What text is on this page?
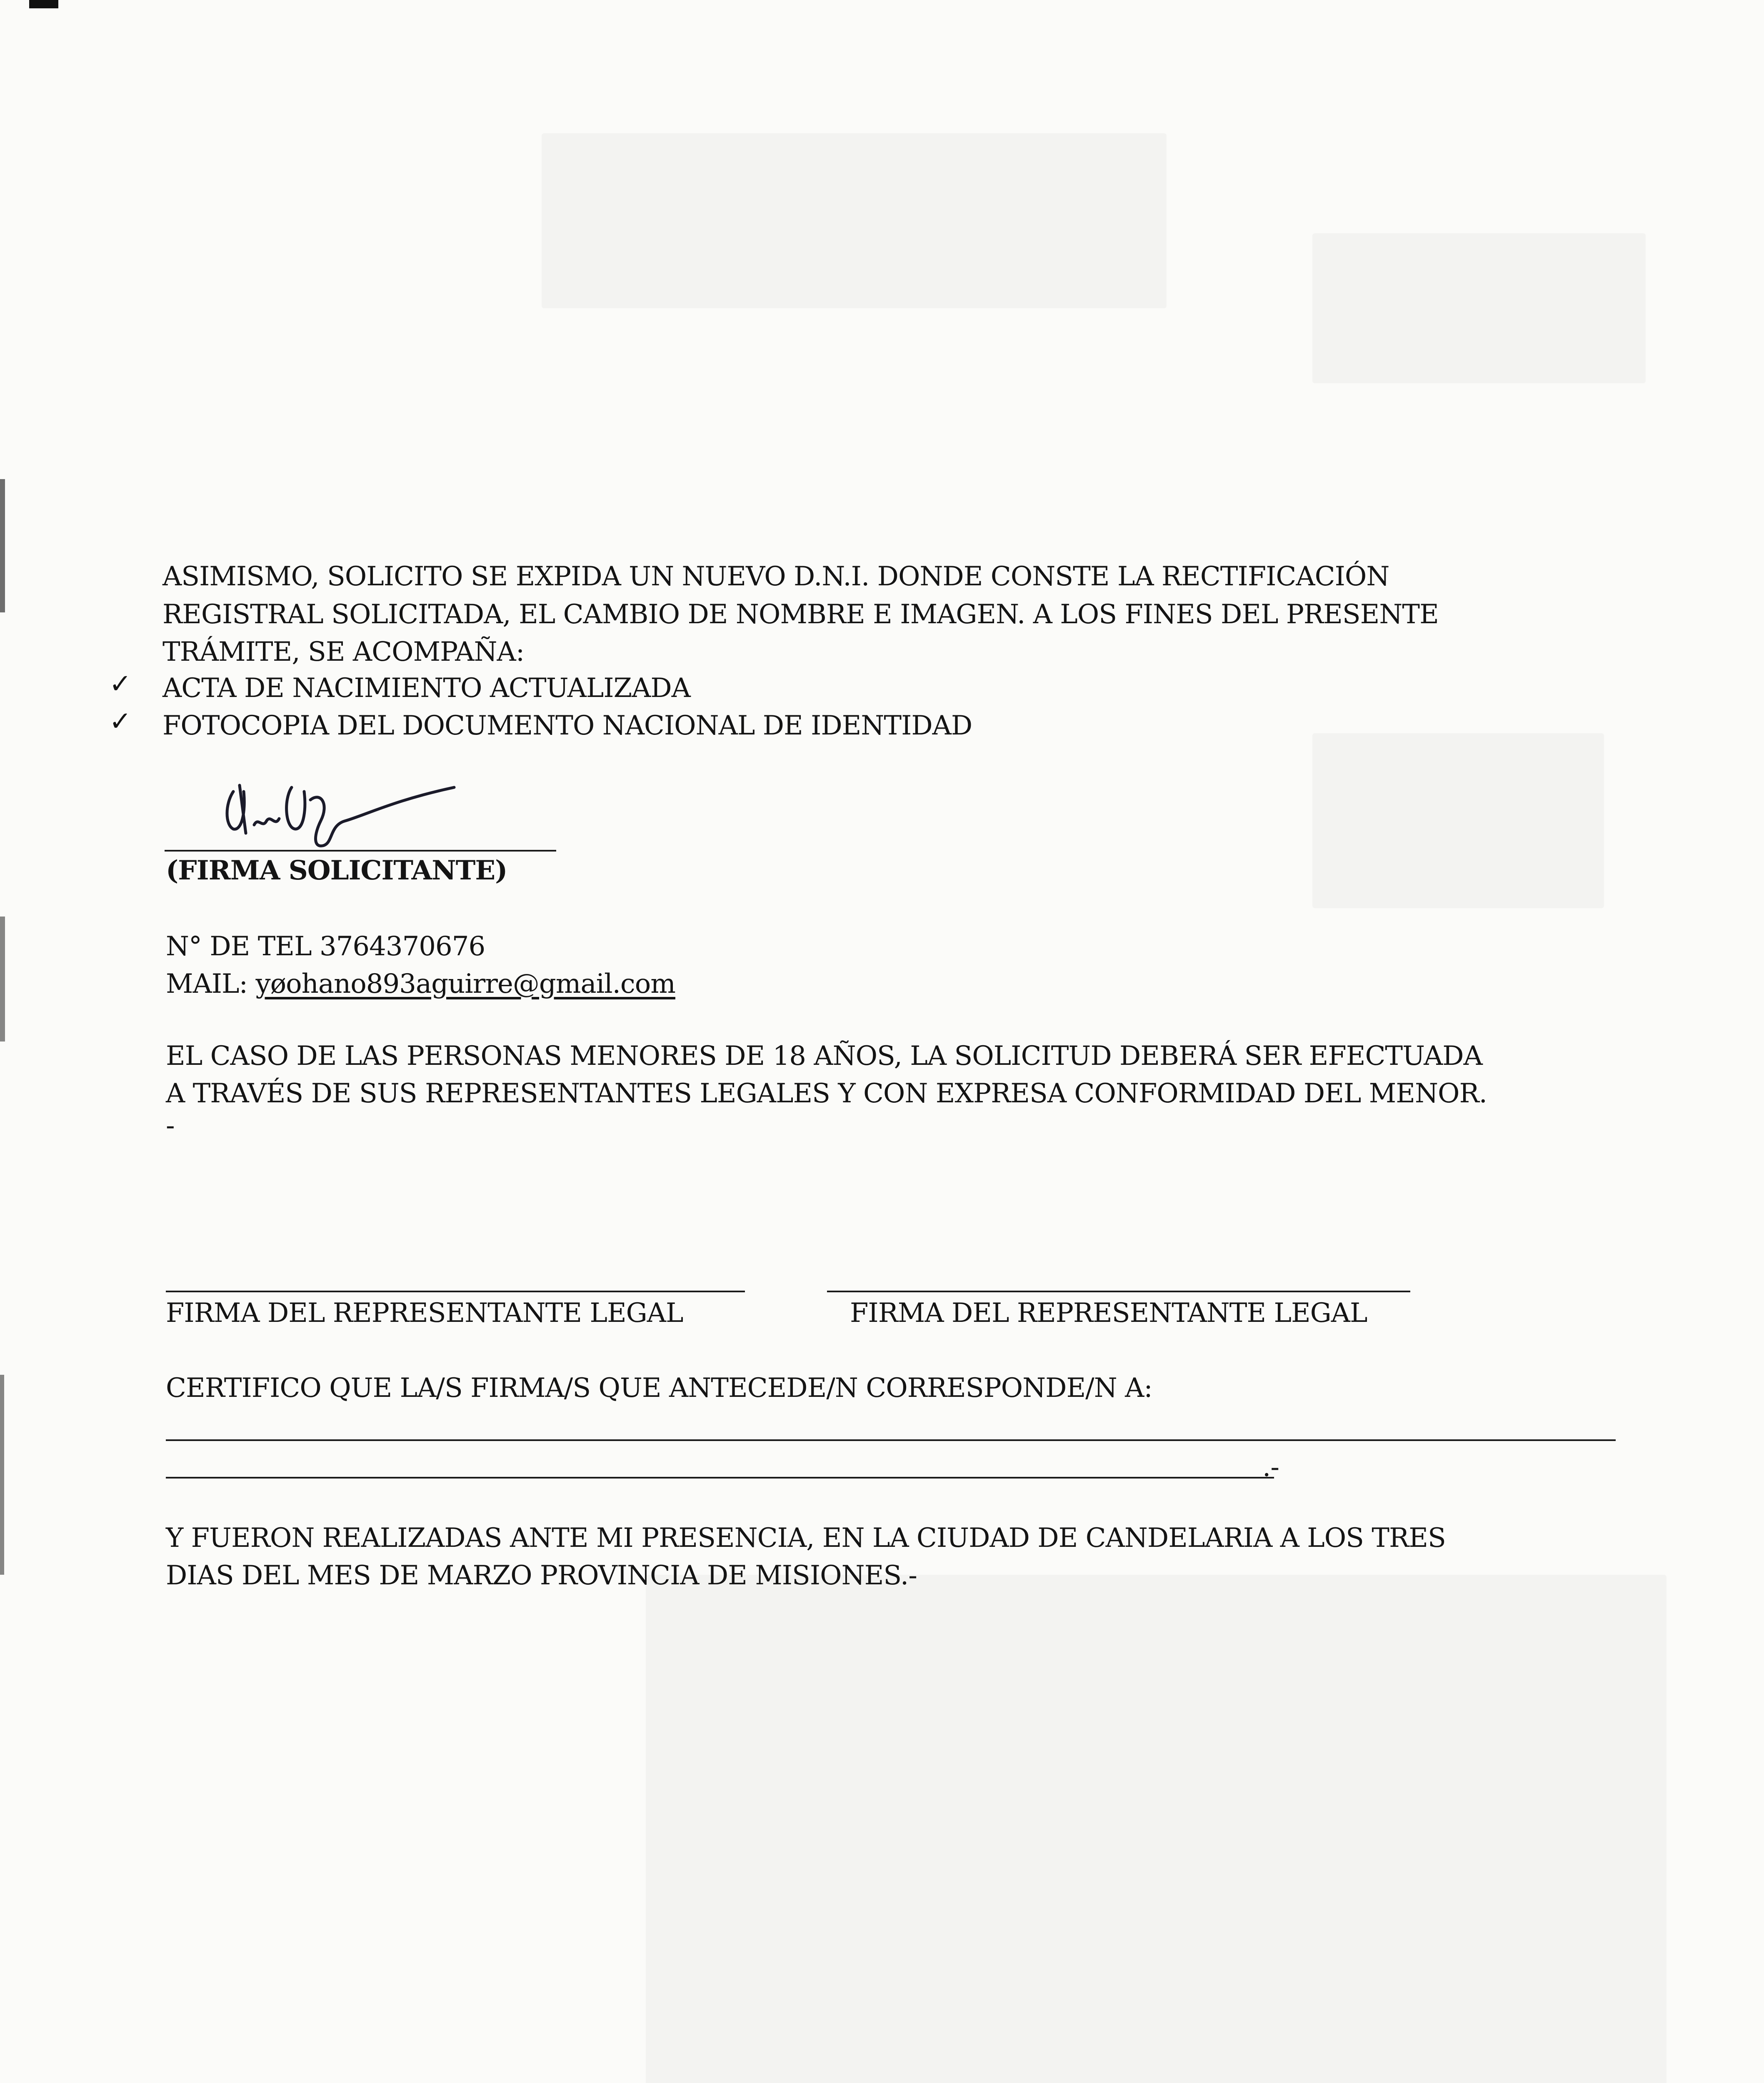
ASIMISMO, SOLICITO SE EXPIDA UN NUEVO D.N.I. DONDE CONSTE LA RECTIFICACIÓN
REGISTRAL SOLICITADA, EL CAMBIO DE NOMBRE E IMAGEN. A LOS FINES DEL PRESENTE
TRÁMITE, SE ACOMPAÑA:
✓ ACTA DE NACIMIENTO ACTUALIZADA
✓ FOTOCOPIA DEL DOCUMENTO NACIONAL DE IDENTIDAD
(FIRMA SOLICITANTE)
N° DE TEL 3764370676
MAIL: yøohano893aguirre@gmail.com
EL CASO DE LAS PERSONAS MENORES DE 18 AÑOS, LA SOLICITUD DEBERÁ SER EFECTUADA
A TRAVÉS DE SUS REPRESENTANTES LEGALES Y CON EXPRESA CONFORMIDAD DEL MENOR.
-
FIRMA DEL REPRESENTANTE LEGAL	FIRMA DEL REPRESENTANTE LEGAL
CERTIFICO QUE LA/S FIRMA/S QUE ANTECEDE/N CORRESPONDE/N A:
.-
Y FUERON REALIZADAS ANTE MI PRESENCIA, EN LA CIUDAD DE CANDELARIA A LOS TRES
DIAS DEL MES DE MARZO PROVINCIA DE MISIONES.-
